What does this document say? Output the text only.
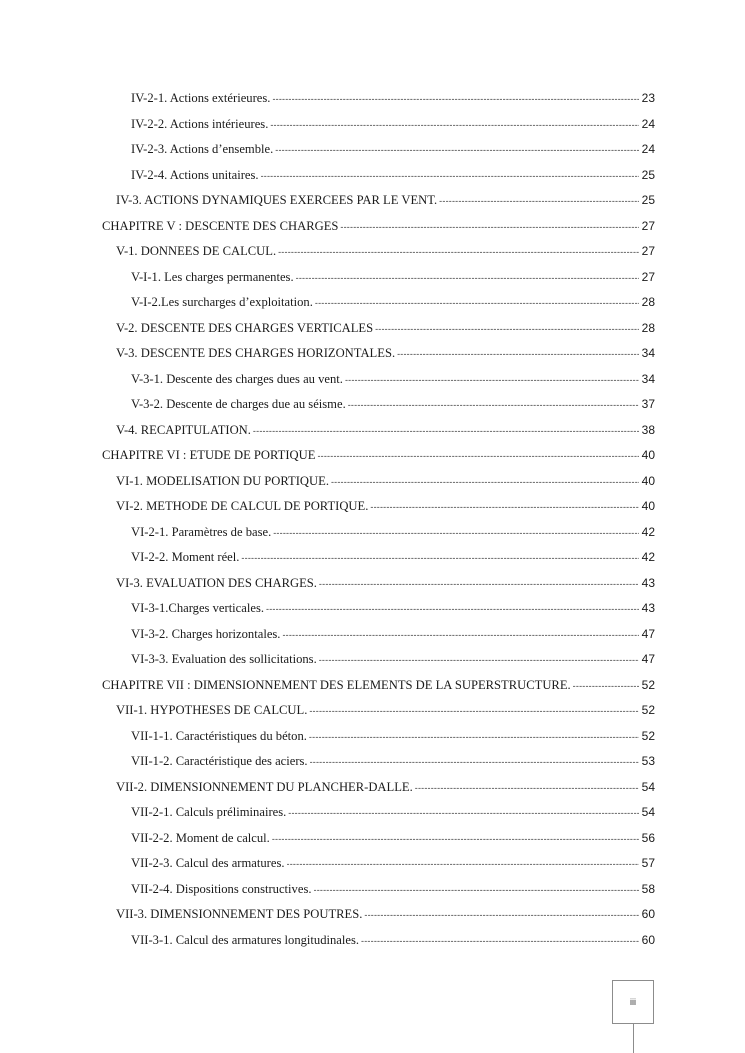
IV-2-1. Actions extérieures. -----	23
IV-2-2. Actions intérieures. -----	24
IV-2-3. Actions d’ensemble. -----	24
IV-2-4. Actions unitaires. -----	25
IV-3. ACTIONS DYNAMIQUES EXERCEES PAR LE VENT. -----	25
CHAPITRE V : DESCENTE DES CHARGES -----	27
V-1. DONNEES DE CALCUL. -----	27
V-I-1. Les charges permanentes. -----	27
V-I-2.Les surcharges d’exploitation. -----	28
V-2. DESCENTE DES CHARGES VERTICALES -----	28
V-3. DESCENTE DES CHARGES HORIZONTALES. -----	34
V-3-1. Descente des charges dues au vent. -----	34
V-3-2. Descente de charges due au séisme. -----	37
V-4. RECAPITULATION. -----	38
CHAPITRE VI : ETUDE DE PORTIQUE -----	40
VI-1. MODELISATION DU PORTIQUE. -----	40
VI-2. METHODE DE CALCUL DE PORTIQUE. -----	40
VI-2-1. Paramètres de base. -----	42
VI-2-2. Moment réel. -----	42
VI-3. EVALUATION DES CHARGES. -----	43
VI-3-1.Charges verticales. -----	43
VI-3-2. Charges horizontales. -----	47
VI-3-3. Evaluation des sollicitations. -----	47
CHAPITRE VII : DIMENSIONNEMENT DES ELEMENTS DE LA SUPERSTRUCTURE. -----	52
VII-1. HYPOTHESES DE CALCUL. -----	52
VII-1-1. Caractéristiques du béton. -----	52
VII-1-2. Caractéristique des aciers. -----	53
VII-2. DIMENSIONNEMENT DU PLANCHER-DALLE. -----	54
VII-2-1. Calculs préliminaires. -----	54
VII-2-2. Moment de calcul. -----	56
VII-2-3. Calcul des armatures. -----	57
VII-2-4. Dispositions constructives. -----	58
VII-3. DIMENSIONNEMENT DES POUTRES. -----	60
VII-3-1. Calcul des armatures longitudinales. -----	60
iii
